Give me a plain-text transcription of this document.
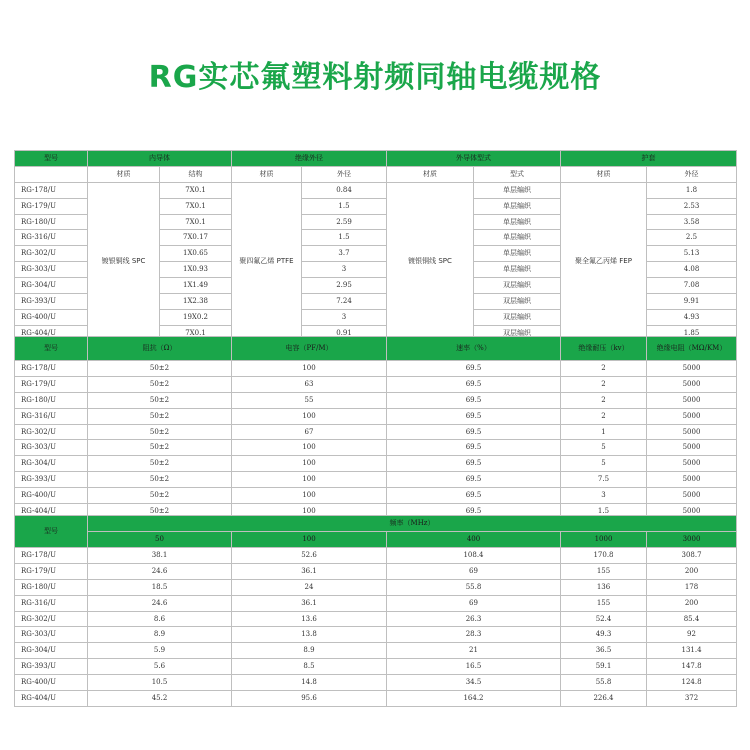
RG实芯氟塑料射频同轴电缆规格
型号	内导体		绝缘外径		外导体型式		护套	
	材质	结构	材质	外径	材质	型式	材质	外径
RG-178/U	镀银铜线 SPC	7X0.1	聚四氟乙烯 PTFE	0.84	镀银铜线 SPC	单层编织	聚全氟乙丙烯 FEP	1.8
RG-179/U		7X0.1		1.5		单层编织		2.53
RG-180/U		7X0.1		2.59		单层编织		3.58
RG-316/U		7X0.17		1.5		单层编织		2.5
RG-302/U		1X0.65		3.7		单层编织		5.13
RG-303/U		1X0.93		3		单层编织		4.08
RG-304/U		1X1.49		2.95		双层编织		7.08
RG-393/U		1X2.38		7.24		双层编织		9.91
RG-400/U		19X0.2		3		双层编织		4.93
RG-404/U		7X0.1		0.91		双层编织		1.85
型号	阻抗（Ω）	电容（PF/M）	速率（%）	绝缘耐压（kv）	绝缘电阻（MΩ/KM）
RG-178/U	50±2	100	69.5	2	5000
RG-179/U	50±2	63	69.5	2	5000
RG-180/U	50±2	55	69.5	2	5000
RG-316/U	50±2	100	69.5	2	5000
RG-302/U	50±2	67	69.5	1	5000
RG-303/U	50±2	100	69.5	5	5000
RG-304/U	50±2	100	69.5	5	5000
RG-393/U	50±2	100	69.5	7.5	5000
RG-400/U	50±2	100	69.5	3	5000
RG-404/U	50±2	100	69.5	1.5	5000
型号	频率（MHz）				
	50	100	400	1000	3000
RG-178/U	38.1	52.6	108.4	170.8	308.7
RG-179/U	24.6	36.1	69	155	200
RG-180/U	18.5	24	55.8	136	178
RG-316/U	24.6	36.1	69	155	200
RG-302/U	8.6	13.6	26.3	52.4	85.4
RG-303/U	8.9	13.8	28.3	49.3	92
RG-304/U	5.9	8.9	21	36.5	131.4
RG-393/U	5.6	8.5	16.5	59.1	147.8
RG-400/U	10.5	14.8	34.5	55.8	124.8
RG-404/U	45.2	95.6	164.2	226.4	372
